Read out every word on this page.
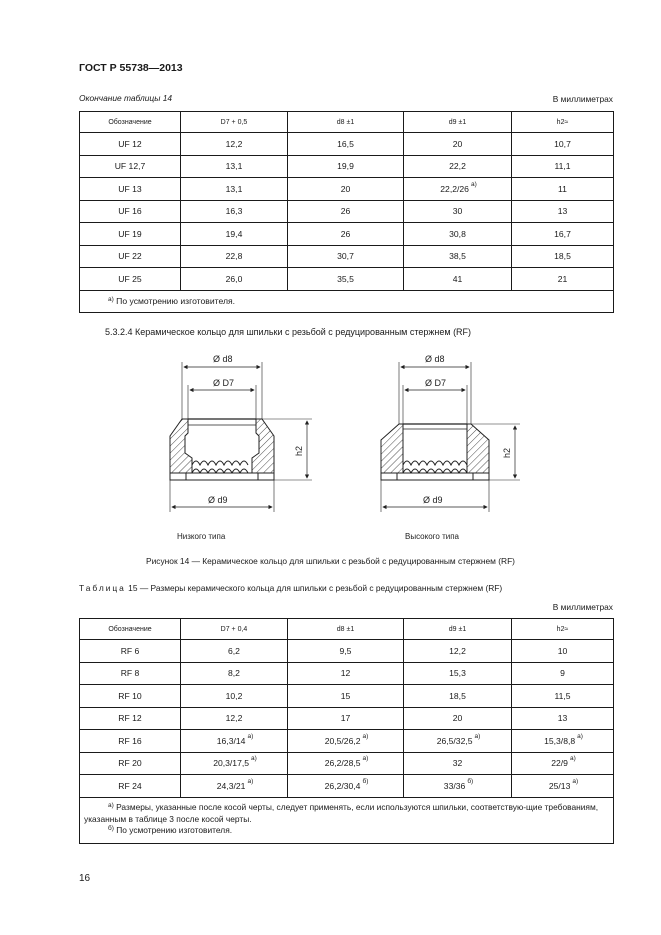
ГОСТ Р 55738—2013
Окончание таблицы 14	В миллиметрах
Обозначение	D7 + 0,5	d8 ±1	d9 ±1	h2≈
UF 12	12,2	16,5	20	10,7
UF 12,7	13,1	19,9	22,2	11,1
UF 13	13,1	20	22,2/26 $^{а)}$	11
UF 16	16,3	26	30	13
UF 19	19,4	26	30,8	16,7
UF 22	22,8	30,7	38,5	18,5
UF 25	26,0	35,5	41	21
$^{а)}$ По усмотрению изготовителя.				
5.3.2.4 Керамическое кольцо для шпильки с резьбой с редуцированным стержнем (RF)
Ø d8
Ø D7
Ø d9
h2
Ø d8
Ø D7
Ø d9
h2
Низкого типа	Высокого типа
Рисунок 14 — Керамическое кольцо для шпильки с резьбой с редуцированным стержнем (RF)
Таблица 15 — Размеры керамического кольца для шпильки с резьбой с редуцированным стержнем (RF)
В миллиметрах
Обозначение	D7 + 0,4	d8 ±1	d9 ±1	h2≈
RF 6	6,2	9,5	12,2	10
RF 8	8,2	12	15,3	9
RF 10	10,2	15	18,5	11,5
RF 12	12,2	17	20	13
RF 16	16,3/14 $^{а)}$	20,5/26,2 $^{а)}$	26,5/32,5 $^{а)}$	15,3/8,8 $^{а)}$
RF 20	20,3/17,5 $^{а)}$	26,2/28,5 $^{а)}$	32	22/9 $^{а)}$
RF 24	24,3/21 $^{а)}$	26,2/30,4 $^{б)}$	33/36 $^{б)}$	25/13 $^{а)}$

$^{а)}$ Размеры, указанные после косой черты, следует применять, если используются шпильки, соответствую-щие требованиям, указанным в таблице 3 после косой черты.
$^{б)}$ По усмотрению изготовителя.				
16
